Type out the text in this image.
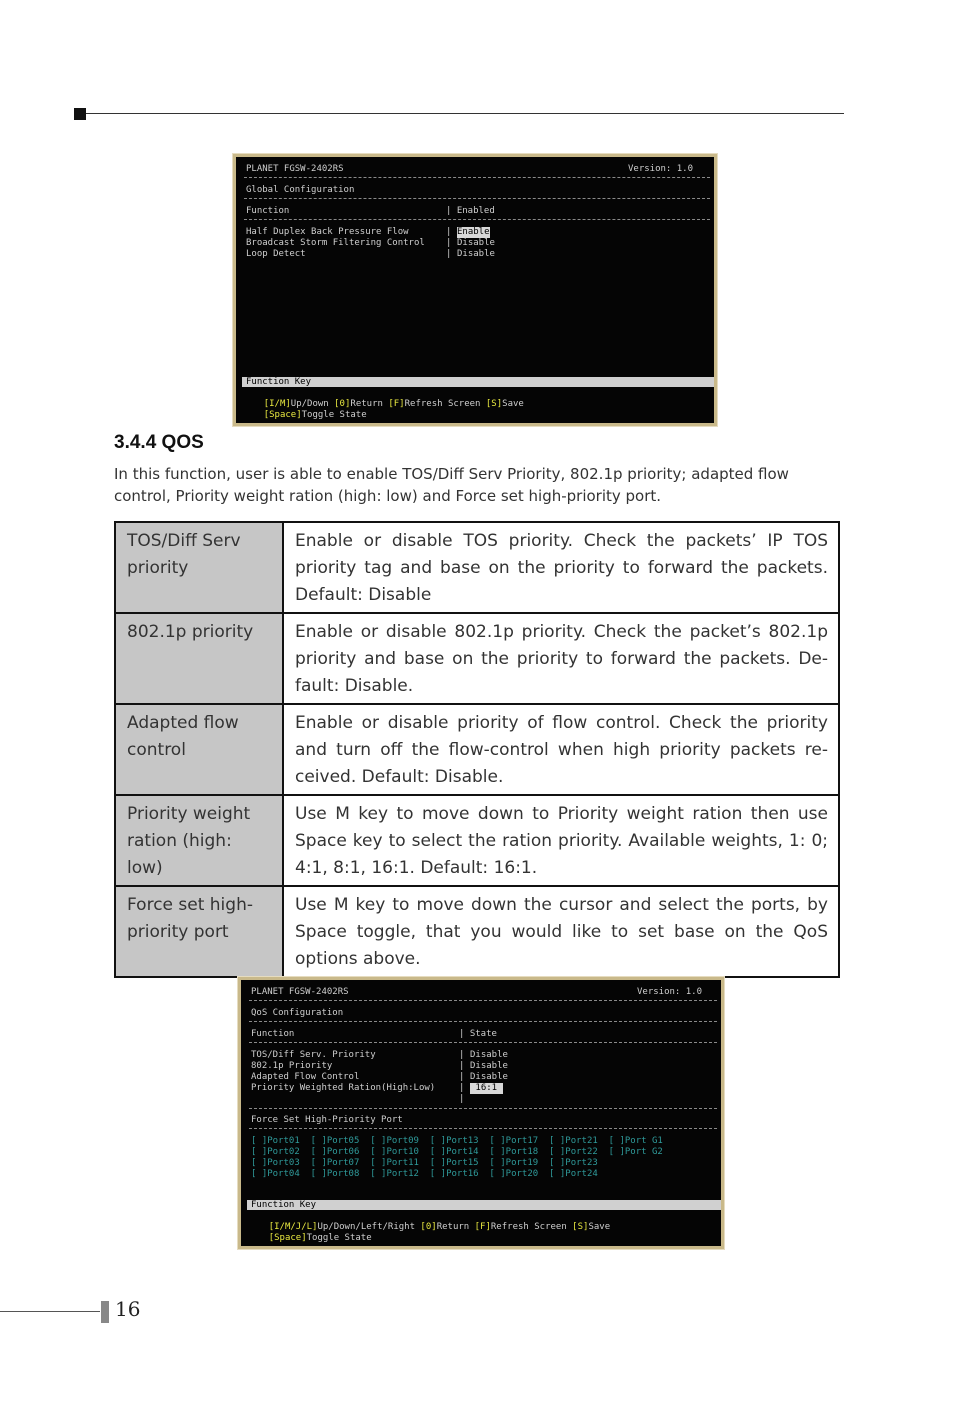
PLANET FGSW-2402RS	Version: 1.0
Global Configuration
Function	| Enabled
Half Duplex Back Pressure Flow	| Enable
Broadcast Storm Filtering Control | Disable
Loop Detect	| Disable
Function Key

[I/M]Up/Down [0]Return [F]Refresh Screen [S]Save

[Space]Toggle State

3.4.4 QOS
In this function, user is able to enable TOS/Diff Serv Priority, 802.1p priority; adapted flow control, Priority weight ration (high: low) and Force set high-priority port.
TOS/Diff Serv priority	Enable or disable TOS priority. Check the packets’ IP TOS priority tag and base on the priority to forward the packets. Default: Disable
802.1p priority	Enable or disable 802.1p priority. Check the packet’s 802.1p priority and base on the priority to forward the packets. De-fault: Disable.
Adapted flow control	Enable or disable priority of flow control. Check the priority and turn off the flow-control when high priority packets re-ceived. Default: Disable.
Priority weight ration (high: low)	Use M key to move down to Priority weight ration then use Space key to select the ration priority. Available weights, 1: 0; 4:1, 8:1, 16:1. Default: 16:1.
Force set high-priority port	Use M key to move down the cursor and select the ports, by Space toggle, that you would like to set base on the QoS options above.
PLANET FGSW-2402RS	Version: 1.0
QoS Configuration
Function	| State
TOS/Diff Serv. Priority	| Disable
802.1p Priority	| Disable
Adapted Flow Control	| Disable
Priority Weighted Ration(High:Low)	| 16:1
|
Force Set High-Priority Port
[ ]Port01  [ ]Port05  [ ]Port09  [ ]Port13  [ ]Port17  [ ]Port21  [ ]Port G1
[ ]Port02  [ ]Port06  [ ]Port10  [ ]Port14  [ ]Port18  [ ]Port22  [ ]Port G2
[ ]Port03  [ ]Port07  [ ]Port11  [ ]Port15  [ ]Port19  [ ]Port23
[ ]Port04  [ ]Port08  [ ]Port12  [ ]Port16  [ ]Port20  [ ]Port24
Function Key

[I/M/J/L]Up/Down/Left/Right [0]Return [F]Refresh Screen [S]Save

[Space]Toggle State

16
